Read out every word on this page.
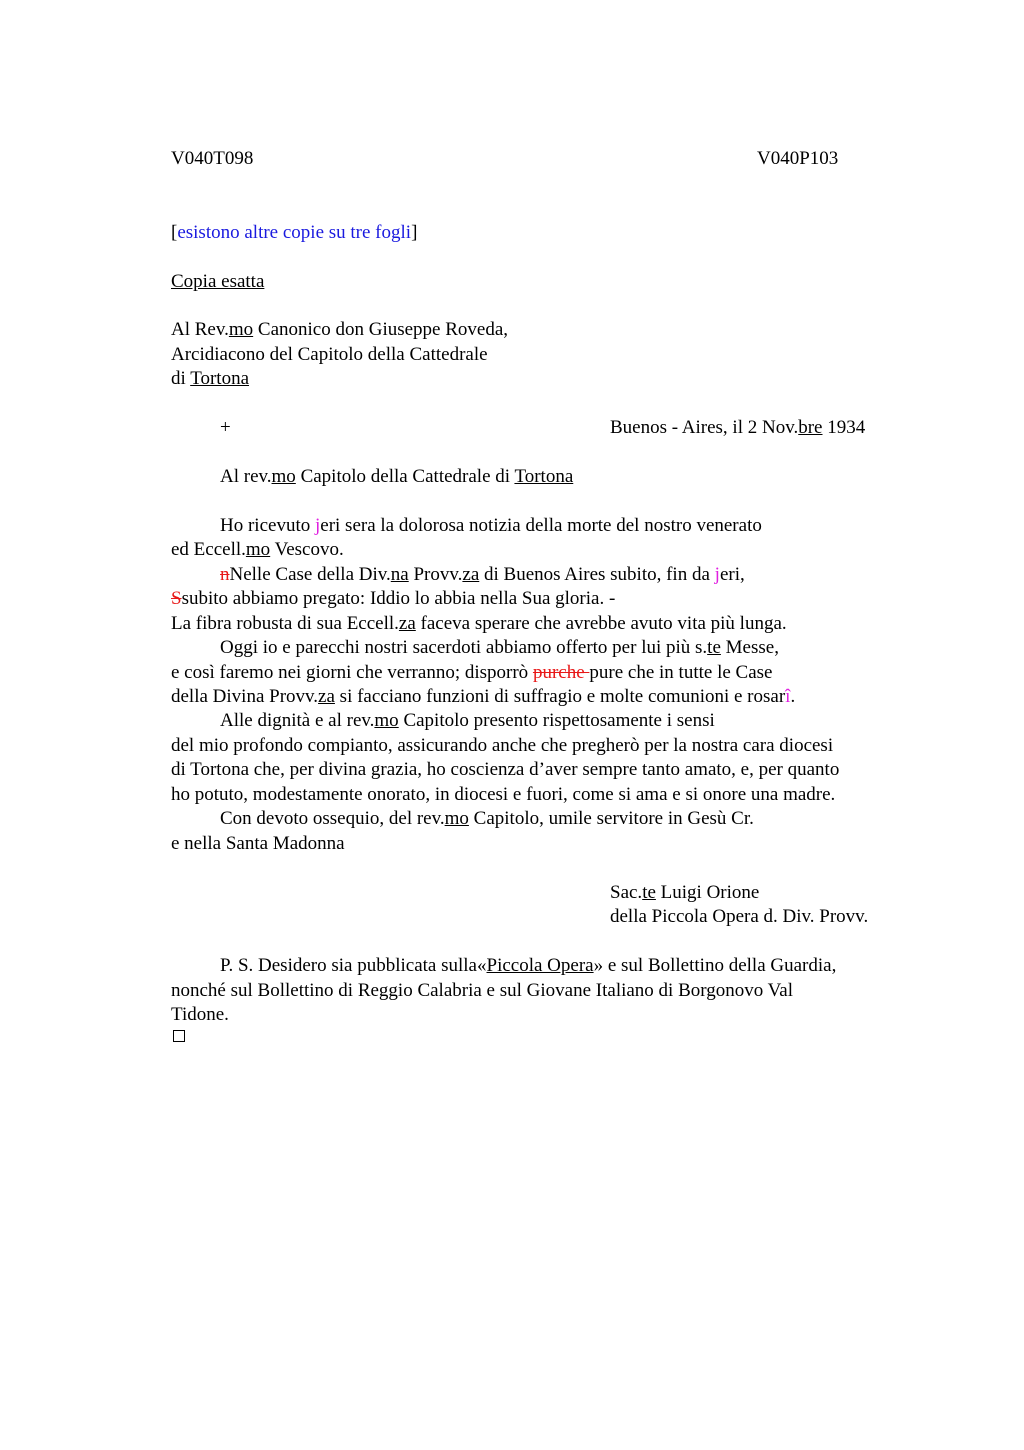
V040T098	V040P103
[esistono altre copie su tre fogli]
Copia esatta
Al Rev.mo Canonico don Giuseppe Roveda,
Arcidiacono del Capitolo della Cattedrale
di Tortona
+	Buenos - Aires, il 2 Nov.bre 1934
Al rev.mo Capitolo della Cattedrale di Tortona
Ho ricevuto jeri sera la dolorosa notizia della morte del nostro venerato
ed Eccell.mo Vescovo.
nNelle Case della Div.na Provv.za di Buenos Aires subito, fin da jeri,
Ssubito abbiamo pregato: Iddio lo abbia nella Sua gloria. -
La fibra robusta di sua Eccell.za faceva sperare che avrebbe avuto vita più lunga.
Oggi io e parecchi nostri sacerdoti abbiamo offerto per lui più s.te Messe,
e così faremo nei giorni che verranno; disporrò purche pure che in tutte le Case
della Divina Provv.za si facciano funzioni di suffragio e molte comunioni e rosarî.
Alle dignità e al rev.mo Capitolo presento rispettosamente i sensi
del mio profondo compianto, assicurando anche che pregherò per la nostra cara diocesi
di Tortona che, per divina grazia, ho coscienza d’aver sempre tanto amato, e, per quanto
ho potuto, modestamente onorato, in diocesi e fuori, come si ama e si onore una madre.
Con devoto ossequio, del rev.mo Capitolo, umile servitore in Gesù Cr.
e nella Santa Madonna
Sac.te Luigi Orione
della Piccola Opera d. Div. Provv.
P. S. Desidero sia pubblicata sulla«Piccola Opera» e sul Bollettino della Guardia,
nonché sul Bollettino di Reggio Calabria e sul Giovane Italiano di Borgonovo Val
Tidone.
